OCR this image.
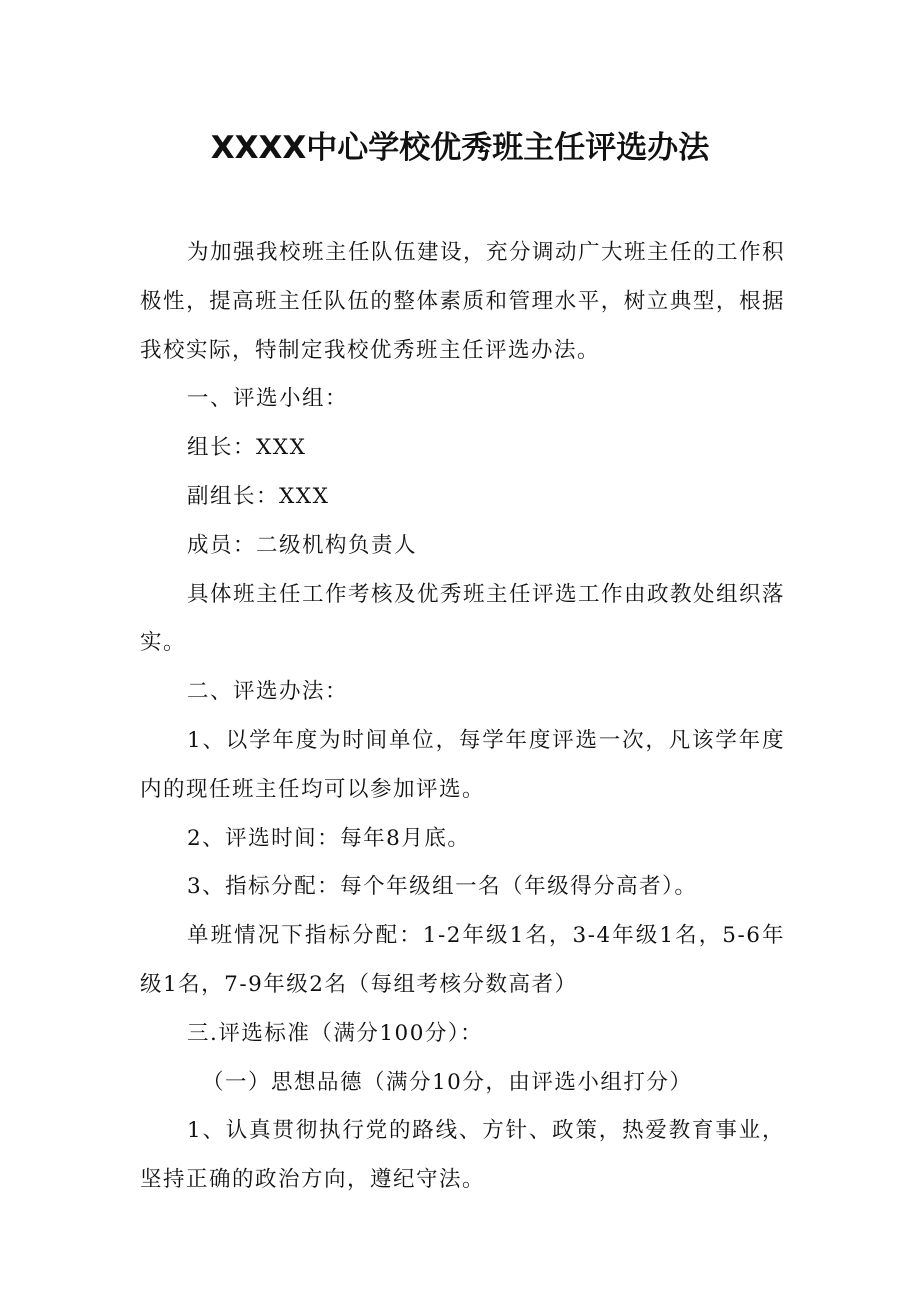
XXXX中心学校优秀班主任评选办法

为加强我校班主任队伍建设，充分调动广大班主任的工作积极性，提高班主任队伍的整体素质和管理水平，树立典型，根据我校实际，特制定我校优秀班主任评选办法。

一、评选小组：

组长：XXX

副组长：XXX

成员：二级机构负责人

具体班主任工作考核及优秀班主任评选工作由政教处组织落实。

二、评选办法：

1、以学年度为时间单位，每学年度评选一次，凡该学年度内的现任班主任均可以参加评选。

2、评选时间：每年8月底。

3、指标分配：每个年级组一名（年级得分高者）。

单班情况下指标分配：1-2年级1名，3-4年级1名，5-6年级1名，7-9年级2名（每组考核分数高者）

三.评选标准（满分100分）：

（一）思想品德（满分10分，由评选小组打分）

1、认真贯彻执行党的路线、方针、政策，热爱教育事业，坚持正确的政治方向，遵纪守法。
